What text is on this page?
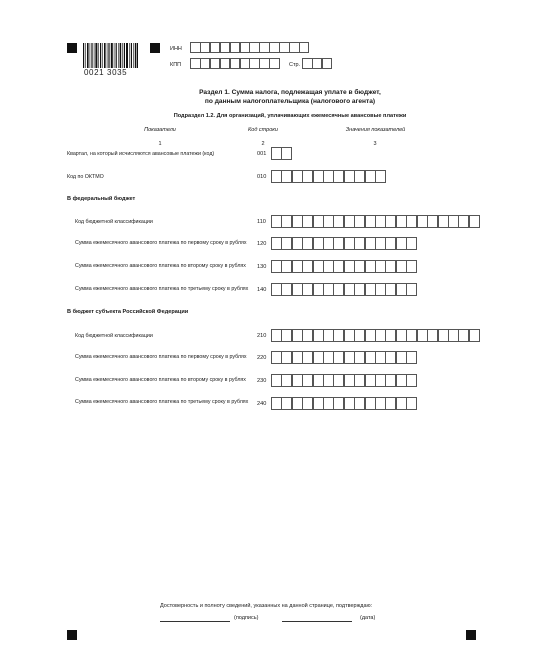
0021 3035
ИНН
КПП	Стр.
Раздел 1. Сумма налога, подлежащая уплате в бюджет,
по данным налогоплательщика (налогового агента)
Подраздел 1.2. Для организаций, уплачивающих ежемесячные авансовые платежи
Показатели	Код строки	Значения показателей
1	2	3
Квартал, на который исчисляются авансовые платежи (код)	001
Код по ОКТМО	010
В федеральный бюджет
Код бюджетной классификации	110
Сумма ежемесячного авансового платежа по первому сроку в рублях	120
Сумма ежемесячного авансового платежа по второму сроку в рублях	130
Сумма ежемесячного авансового платежа по третьему сроку в рублях 140
В бюджет субъекта Российской Федерации
Код бюджетной классификации	210
Сумма ежемесячного авансового платежа по первому сроку в рублях	220
Сумма ежемесячного авансового платежа по второму сроку в рублях	230
Сумма ежемесячного авансового платежа по третьему сроку в рублях 240
Достоверность и полноту сведений, указанных на данной странице, подтверждаю:
(подпись)	(дата)
